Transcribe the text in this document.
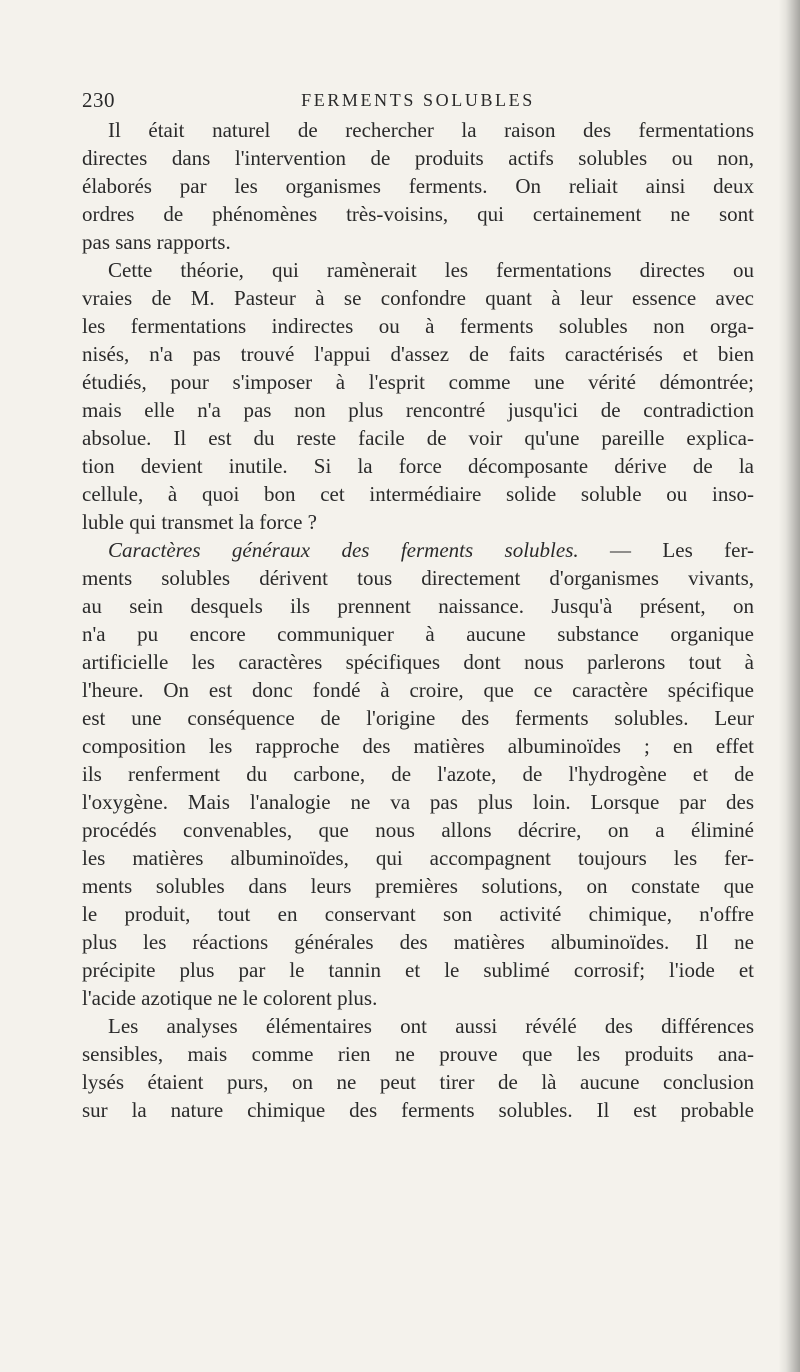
230	FERMENTS SOLUBLES
Il était naturel de rechercher la raison des fermentations
directes dans l'intervention de produits actifs solubles ou non,
élaborés par les organismes ferments. On reliait ainsi deux
ordres de phénomènes très-voisins, qui certainement ne sont
pas sans rapports.
Cette théorie, qui ramènerait les fermentations directes ou
vraies de M. Pasteur à se confondre quant à leur essence avec
les fermentations indirectes ou à ferments solubles non orga-
nisés, n'a pas trouvé l'appui d'assez de faits caractérisés et bien
étudiés, pour s'imposer à l'esprit comme une vérité démontrée;
mais elle n'a pas non plus rencontré jusqu'ici de contradiction
absolue. Il est du reste facile de voir qu'une pareille explica-
tion devient inutile. Si la force décomposante dérive de la
cellule, à quoi bon cet intermédiaire solide soluble ou inso-
luble qui transmet la force ?
Caractères généraux des ferments solubles. — Les fer-
ments solubles dérivent tous directement d'organismes vivants,
au sein desquels ils prennent naissance. Jusqu'à présent, on
n'a pu encore communiquer à aucune substance organique
artificielle les caractères spécifiques dont nous parlerons tout à
l'heure. On est donc fondé à croire, que ce caractère spécifique
est une conséquence de l'origine des ferments solubles. Leur
composition les rapproche des matières albuminoïdes ; en effet
ils renferment du carbone, de l'azote, de l'hydrogène et de
l'oxygène. Mais l'analogie ne va pas plus loin. Lorsque par des
procédés convenables, que nous allons décrire, on a éliminé
les matières albuminoïdes, qui accompagnent toujours les fer-
ments solubles dans leurs premières solutions, on constate que
le produit, tout en conservant son activité chimique, n'offre
plus les réactions générales des matières albuminoïdes. Il ne
précipite plus par le tannin et le sublimé corrosif; l'iode et
l'acide azotique ne le colorent plus.
Les analyses élémentaires ont aussi révélé des différences
sensibles, mais comme rien ne prouve que les produits ana-
lysés étaient purs, on ne peut tirer de là aucune conclusion
sur la nature chimique des ferments solubles. Il est probable
